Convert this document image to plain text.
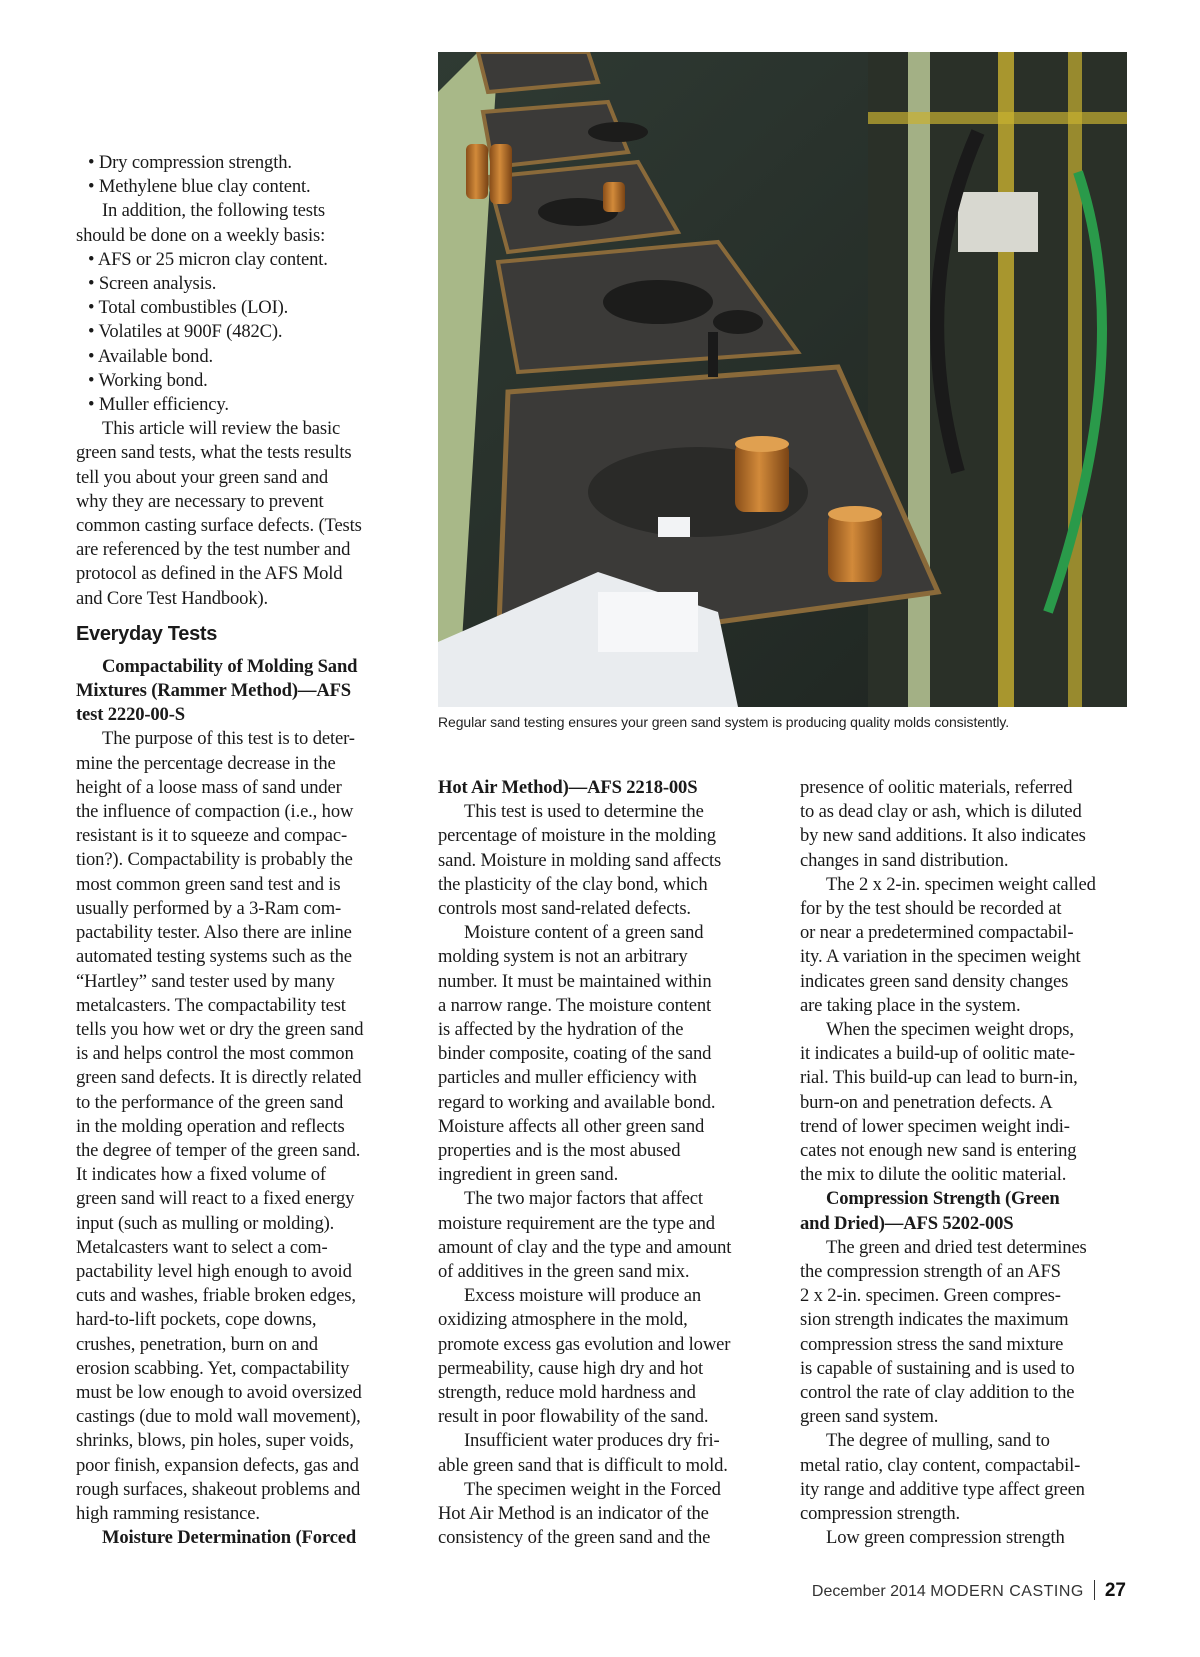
• Dry compression strength.
• Methylene blue clay content.
In addition, the following tests
should be done on a weekly basis:
• AFS or 25 micron clay content.
• Screen analysis.
• Total combustibles (LOI).
• Volatiles at 900F (482C).
• Available bond.
• Working bond.
• Muller efficiency.
This article will review the basic
green sand tests, what the tests results
tell you about your green sand and
why they are necessary to prevent
common casting surface defects. (Tests
are referenced by the test number and
protocol as defined in the AFS Mold
and Core Test Handbook).
Everyday Tests
Compactability of Molding Sand
Mixtures (Rammer Method)—AFS
test 2220-00-S
The purpose of this test is to deter-
mine the percentage decrease in the
height of a loose mass of sand under
the influence of compaction (i.e., how
resistant is it to squeeze and compac-
tion?). Compactability is probably the
most common green sand test and is
usually performed by a 3-Ram com-
pactability tester. Also there are inline
automated testing systems such as the
“Hartley” sand tester used by many
metalcasters. The compactability test
tells you how wet or dry the green sand
is and helps control the most common
green sand defects. It is directly related
to the performance of the green sand
in the molding operation and reflects
the degree of temper of the green sand.
It indicates how a fixed volume of
green sand will react to a fixed energy
input (such as mulling or molding).
Metalcasters want to select a com-
pactability level high enough to avoid
cuts and washes, friable broken edges,
hard-to-lift pockets, cope downs,
crushes, penetration, burn on and
erosion scabbing. Yet, compactability
must be low enough to avoid oversized
castings (due to mold wall movement),
shrinks, blows, pin holes, super voids,
poor finish, expansion defects, gas and
rough surfaces, shakeout problems and
high ramming resistance.
Moisture Determination (Forced
Regular sand testing ensures your green sand system is producing quality molds consistently.
Hot Air Method)—AFS 2218-00S
This test is used to determine the
percentage of moisture in the molding
sand. Moisture in molding sand affects
the plasticity of the clay bond, which
controls most sand-related defects.
Moisture content of a green sand
molding system is not an arbitrary
number. It must be maintained within
a narrow range. The moisture content
is affected by the hydration of the
binder composite, coating of the sand
particles and muller efficiency with
regard to working and available bond.
Moisture affects all other green sand
properties and is the most abused
ingredient in green sand.
The two major factors that affect
moisture requirement are the type and
amount of clay and the type and amount
of additives in the green sand mix.
Excess moisture will produce an
oxidizing atmosphere in the mold,
promote excess gas evolution and lower
permeability, cause high dry and hot
strength, reduce mold hardness and
result in poor flowability of the sand.
Insufficient water produces dry fri-
able green sand that is difficult to mold.
The specimen weight in the Forced
Hot Air Method is an indicator of the
consistency of the green sand and the
presence of oolitic materials, referred
to as dead clay or ash, which is diluted
by new sand additions. It also indicates
changes in sand distribution.
The 2 x 2-in. specimen weight called
for by the test should be recorded at
or near a predetermined compactabil-
ity. A variation in the specimen weight
indicates green sand density changes
are taking place in the system.
When the specimen weight drops,
it indicates a build-up of oolitic mate-
rial. This build-up can lead to burn-in,
burn-on and penetration defects. A
trend of lower specimen weight indi-
cates not enough new sand is entering
the mix to dilute the oolitic material.
Compression Strength (Green
and Dried)—AFS 5202-00S
The green and dried test determines
the compression strength of an AFS
2 x 2-in. specimen. Green compres-
sion strength indicates the maximum
compression stress the sand mixture
is capable of sustaining and is used to
control the rate of clay addition to the
green sand system.
The degree of mulling, sand to
metal ratio, clay content, compactabil-
ity range and additive type affect green
compression strength.
Low green compression strength
December 2014 MODERN CASTING 27
